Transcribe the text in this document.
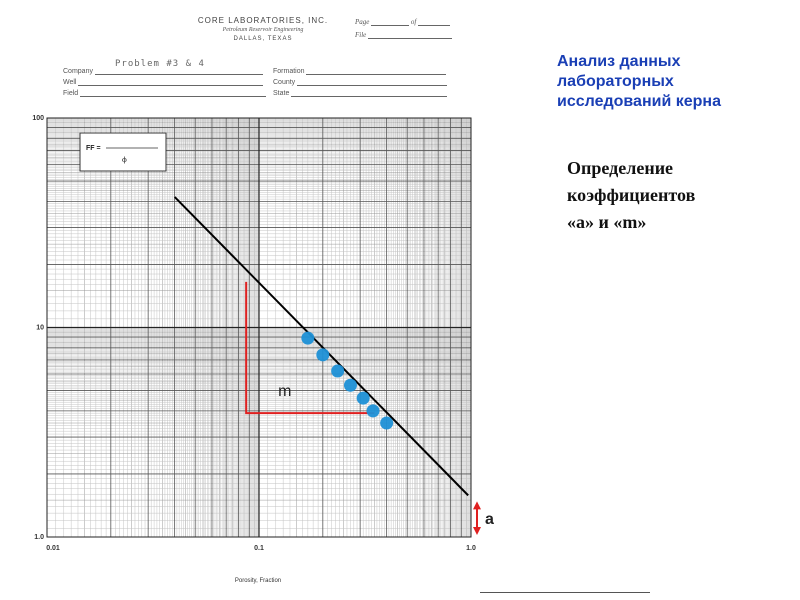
CORE LABORATORIES, INC.
Petroleum Reservoir Engineering
DALLAS, TEXAS
Page	of
File
Company
Well
Field
Formation
County
State
Problem #3 & 4	Анализ данных
лабораторных
исследований керна
Определение
коэффициентов
«a» и «m»
0.01	0.1	1.0
1.0
10
100
FF =
ϕ
m
a
Porosity, Fraction
